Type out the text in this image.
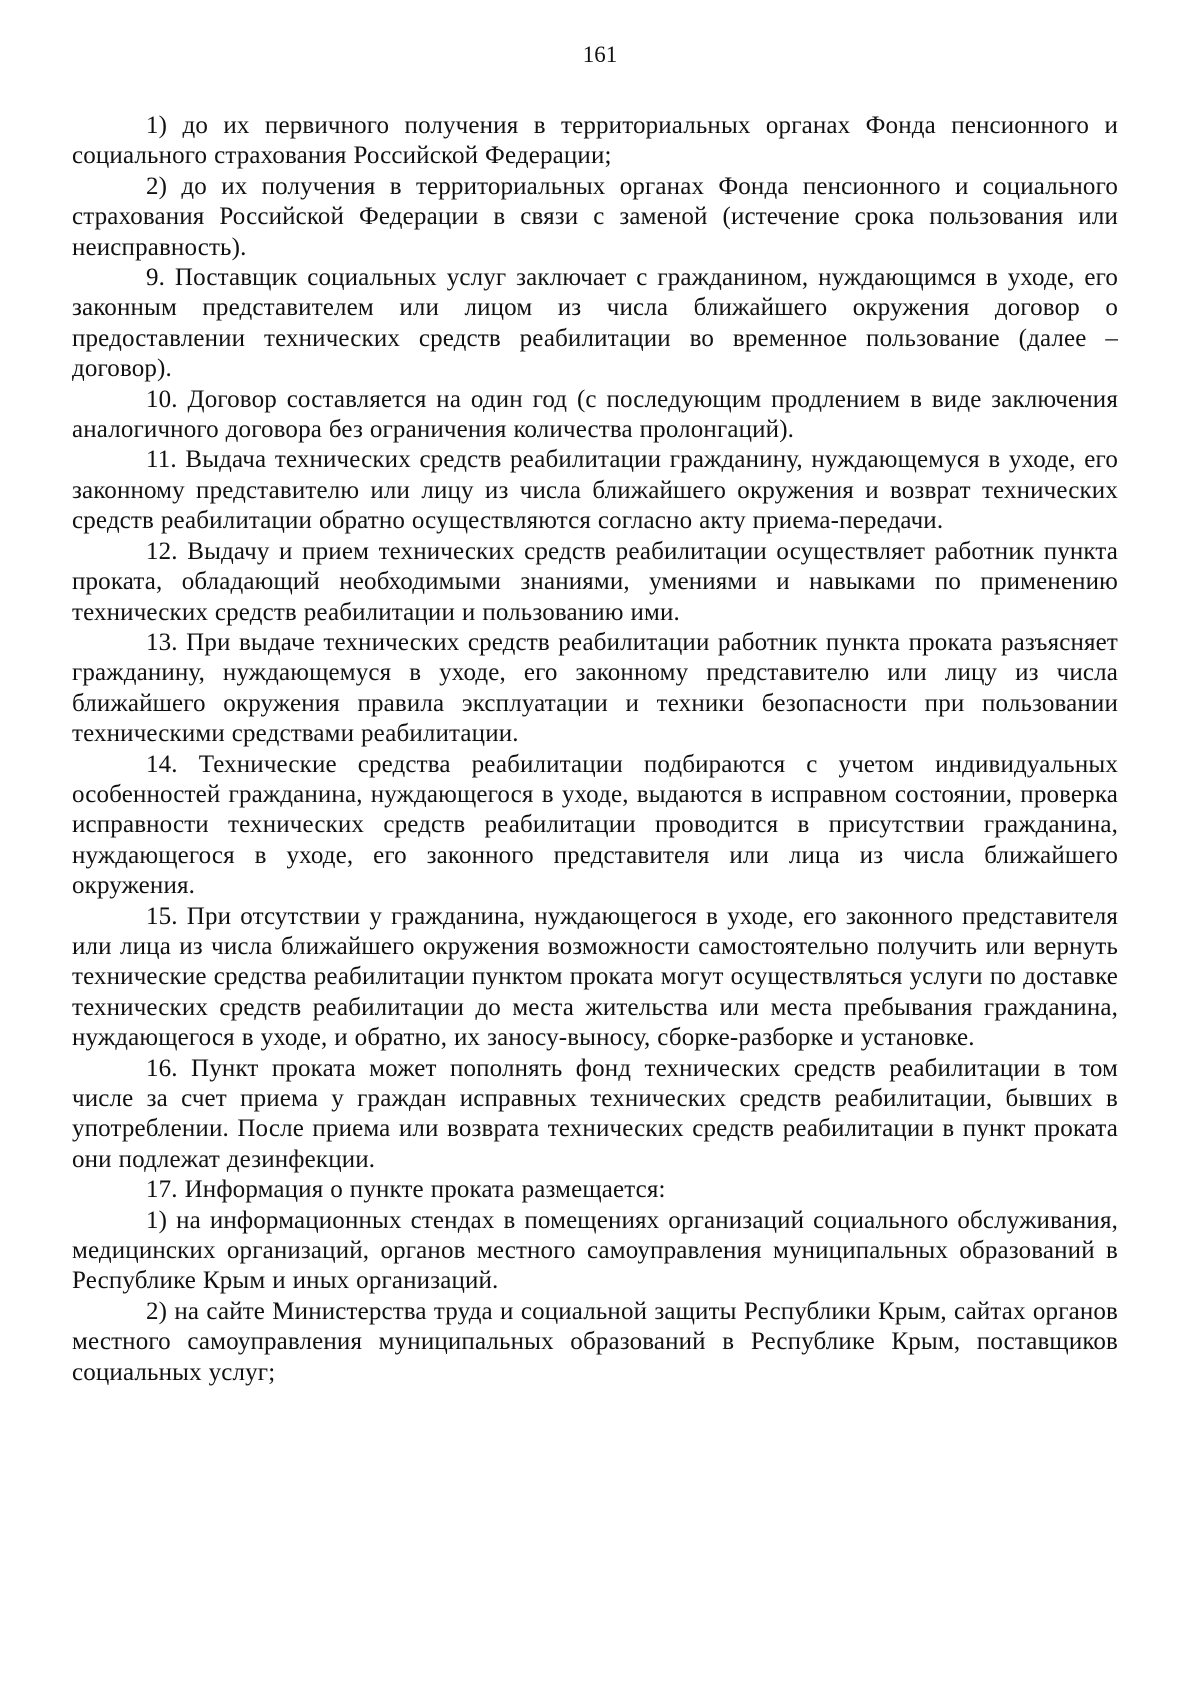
161

1) до их первичного получения в территориальных органах Фонда пенсионного и социального страхования Российской Федерации;

2) до их получения в территориальных органах Фонда пенсионного и социального страхования Российской Федерации в связи с заменой (истечение срока пользования или неисправность).

9. Поставщик социальных услуг заключает с гражданином, нуждающимся в уходе, его законным представителем или лицом из числа ближайшего окружения договор о предоставлении технических средств реабилитации во временное пользование (далее – договор).

10. Договор составляется на один год (с последующим продлением в виде заключения аналогичного договора без ограничения количества пролонгаций).

11. Выдача технических средств реабилитации гражданину, нуждающемуся в уходе, его законному представителю или лицу из числа ближайшего окружения и возврат технических средств реабилитации обратно осуществляются согласно акту приема-передачи.

12. Выдачу и прием технических средств реабилитации осуществляет работник пункта проката, обладающий необходимыми знаниями, умениями и навыками по применению технических средств реабилитации и пользованию ими.

13. При выдаче технических средств реабилитации работник пункта проката разъясняет гражданину, нуждающемуся в уходе, его законному представителю или лицу из числа ближайшего окружения правила эксплуатации и техники безопасности при пользовании техническими средствами реабилитации.

14. Технические средства реабилитации подбираются с учетом индивидуальных особенностей гражданина, нуждающегося в уходе, выдаются в исправном состоянии, проверка исправности технических средств реабилитации проводится в присутствии гражданина, нуждающегося в уходе, его законного представителя или лица из числа ближайшего окружения.

15. При отсутствии у гражданина, нуждающегося в уходе, его законного представителя или лица из числа ближайшего окружения возможности самостоятельно получить или вернуть технические средства реабилитации пунктом проката могут осуществляться услуги по доставке технических средств реабилитации до места жительства или места пребывания гражданина, нуждающегося в уходе, и обратно, их заносу-выносу, сборке-разборке и установке.

16. Пункт проката может пополнять фонд технических средств реабилитации в том числе за счет приема у граждан исправных технических средств реабилитации, бывших в употреблении. После приема или возврата технических средств реабилитации в пункт проката они подлежат дезинфекции.

17. Информация о пункте проката размещается:

1) на информационных стендах в помещениях организаций социального обслуживания, медицинских организаций, органов местного самоуправления муниципальных образований в Республике Крым и иных организаций.

2) на сайте Министерства труда и социальной защиты Республики Крым, сайтах органов местного самоуправления муниципальных образований в Республике Крым, поставщиков социальных услуг;
